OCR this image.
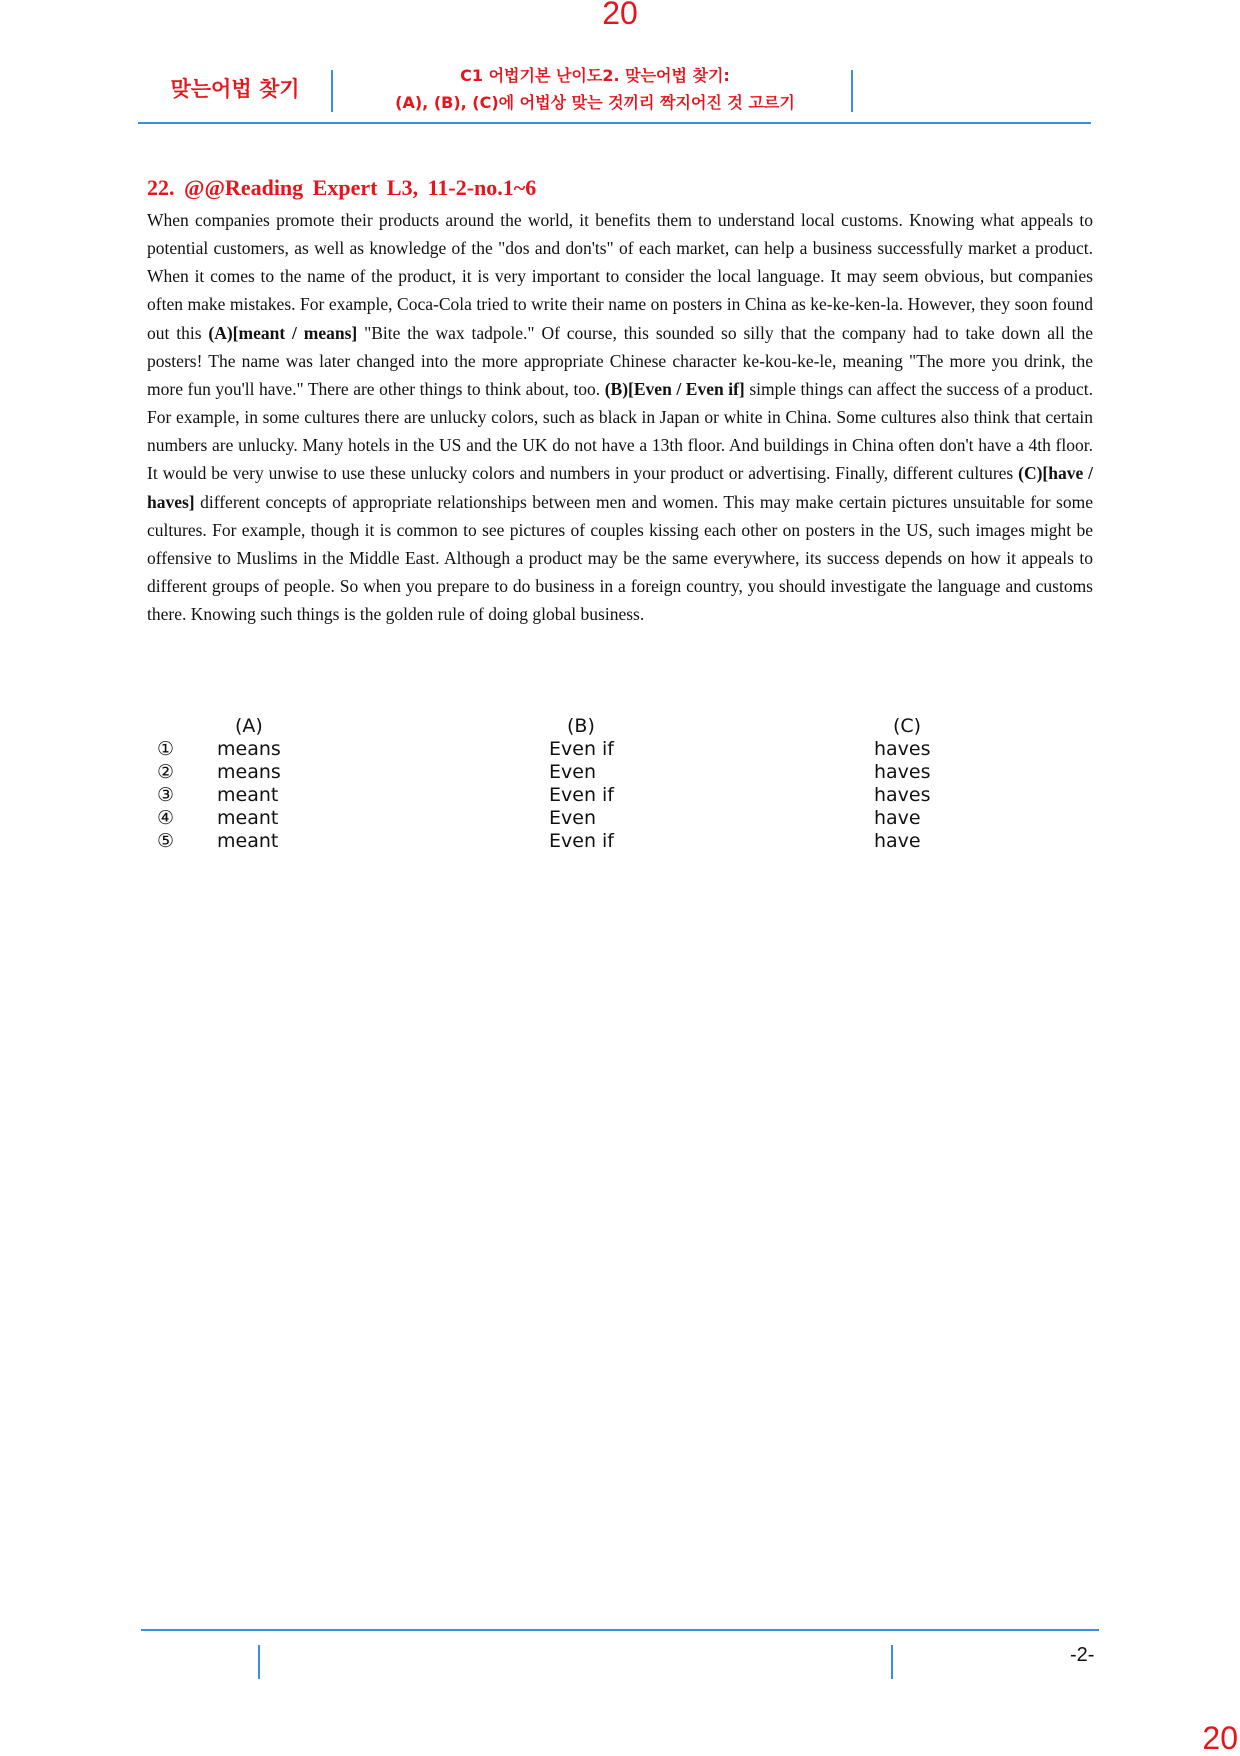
20
맞는어법 찾기
C1 어법기본 난이도2. 맞는어법 찾기:
(A), (B), (C)에 어법상 맞는 것끼리 짝지어진 것 고르기
22. @@Reading Expert L3, 11-2-no.1~6
When companies promote their products around the world, it benefits them to understand local customs. Knowing what appeals to potential customers, as well as knowledge of the "dos and don'ts" of each market, can help a business successfully market a product. When it comes to the name of the product, it is very important to consider the local language. It may seem obvious, but companies often make mistakes. For example, Coca-Cola tried to write their name on posters in China as ke-ke-ken-la. However, they soon found out this (A)[meant / means] "Bite the wax tadpole." Of course, this sounded so silly that the company had to take down all the posters! The name was later changed into the more appropriate Chinese character ke-kou-ke-le, meaning "The more you drink, the more fun you'll have." There are other things to think about, too. (B)[Even / Even if] simple things can affect the success of a product. For example, in some cultures there are unlucky colors, such as black in Japan or white in China. Some cultures also think that certain numbers are unlucky. Many hotels in the US and the UK do not have a 13th floor. And buildings in China often don't have a 4th floor. It would be very unwise to use these unlucky colors and numbers in your product or advertising. Finally, different cultures (C)[have / haves] different concepts of appropriate relationships between men and women. This may make certain pictures unsuitable for some cultures. For example, though it is common to see pictures of couples kissing each other on posters in the US, such images might be offensive to Muslims in the Middle East. Although a product may be the same everywhere, its success depends on how it appeals to different groups of people. So when you prepare to do business in a foreign country, you should investigate the language and customs there. Knowing such things is the golden rule of doing global business.
(A)	(B)	(C)
① means	Even if	haves
② means	Even	haves
③ meant	Even if	haves
④ meant	Even	have
⑤ meant	Even if	have
-2-
20
